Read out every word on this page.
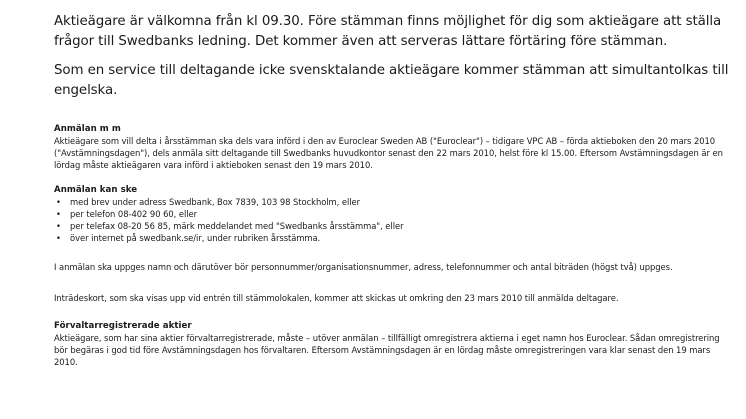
Aktieägare är välkomna från kl 09.30. Före stämman finns möjlighet för dig som aktieägare att ställa frågor till Swedbanks ledning. Det kommer även att serveras lättare förtäring före stämman.

Som en service till deltagande icke svensktalande aktieägare kommer stämman att simultantolkas till engelska.

Anmälan m m

Aktieägare som vill delta i årsstämman ska dels vara införd i den av Euroclear Sweden AB ("Euroclear") – tidigare VPC AB – förda aktieboken den 20 mars 2010 ("Avstämningsdagen"), dels anmäla sitt deltagande till Swedbanks huvudkontor senast den 22 mars 2010, helst före kl 15.00. Eftersom Avstämningsdagen är en lördag måste aktieägaren vara införd i aktieboken senast den 19 mars 2010.

Anmälan kan ske

• med brev under adress Swedbank, Box 7839, 103 98 Stockholm, eller
• per telefon 08-402 90 60, eller
• per telefax 08-20 56 85, märk meddelandet med "Swedbanks årsstämma", eller
• över internet på swedbank.se/ir, under rubriken årsstämma.

I anmälan ska uppges namn och därutöver bör personnummer/organisationsnummer, adress, telefonnummer och antal biträden (högst två) uppges.

Inträdeskort, som ska visas upp vid entrén till stämmolokalen, kommer att skickas ut omkring den 23 mars 2010 till anmälda deltagare.

Förvaltarregistrerade aktier

Aktieägare, som har sina aktier förvaltarregistrerade, måste – utöver anmälan – tillfälligt omregistrera aktierna i eget namn hos Euroclear. Sådan omregistrering bör begäras i god tid före Avstämningsdagen hos förvaltaren. Eftersom Avstämningsdagen är en lördag måste omregistreringen vara klar senast den 19 mars 2010.
